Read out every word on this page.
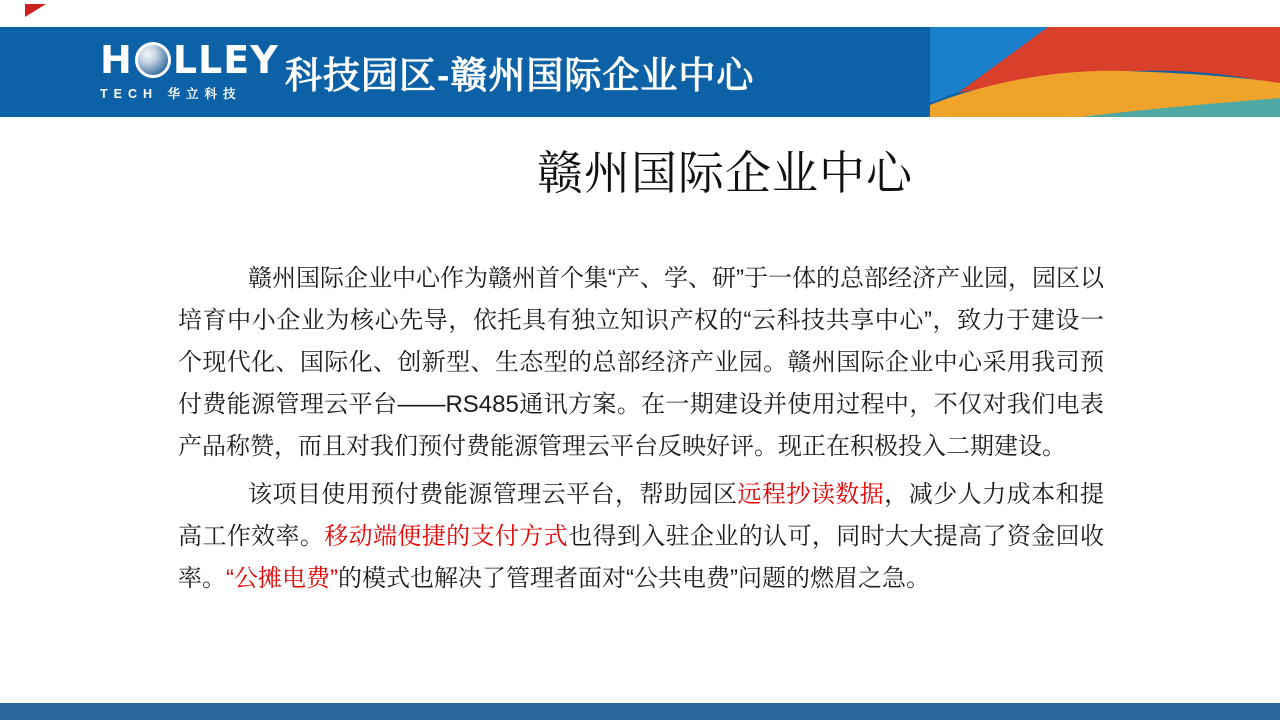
H LLEY
TECH 华立科技	科技园区-赣州国际企业中心
赣州国际企业中心

赣州国际企业中心作为赣州首个集“产、学、研”于一体的总部经济产业园，园区以培育中小企业为核心先导，依托具有独立知识产权的“云科技共享中心”，致力于建设一个现代化、国际化、创新型、生态型的总部经济产业园。赣州国际企业中心采用我司预付费能源管理云平台——RS485通讯方案。在一期建设并使用过程中，不仅对我们电表产品称赞，而且对我们预付费能源管理云平台反映好评。现正在积极投入二期建设。

该项目使用预付费能源管理云平台，帮助园区远程抄读数据，减少人力成本和提高工作效率。移动端便捷的支付方式也得到入驻企业的认可，同时大大提高了资金回收率。“公摊电费”的模式也解决了管理者面对“公共电费”问题的燃眉之急。
